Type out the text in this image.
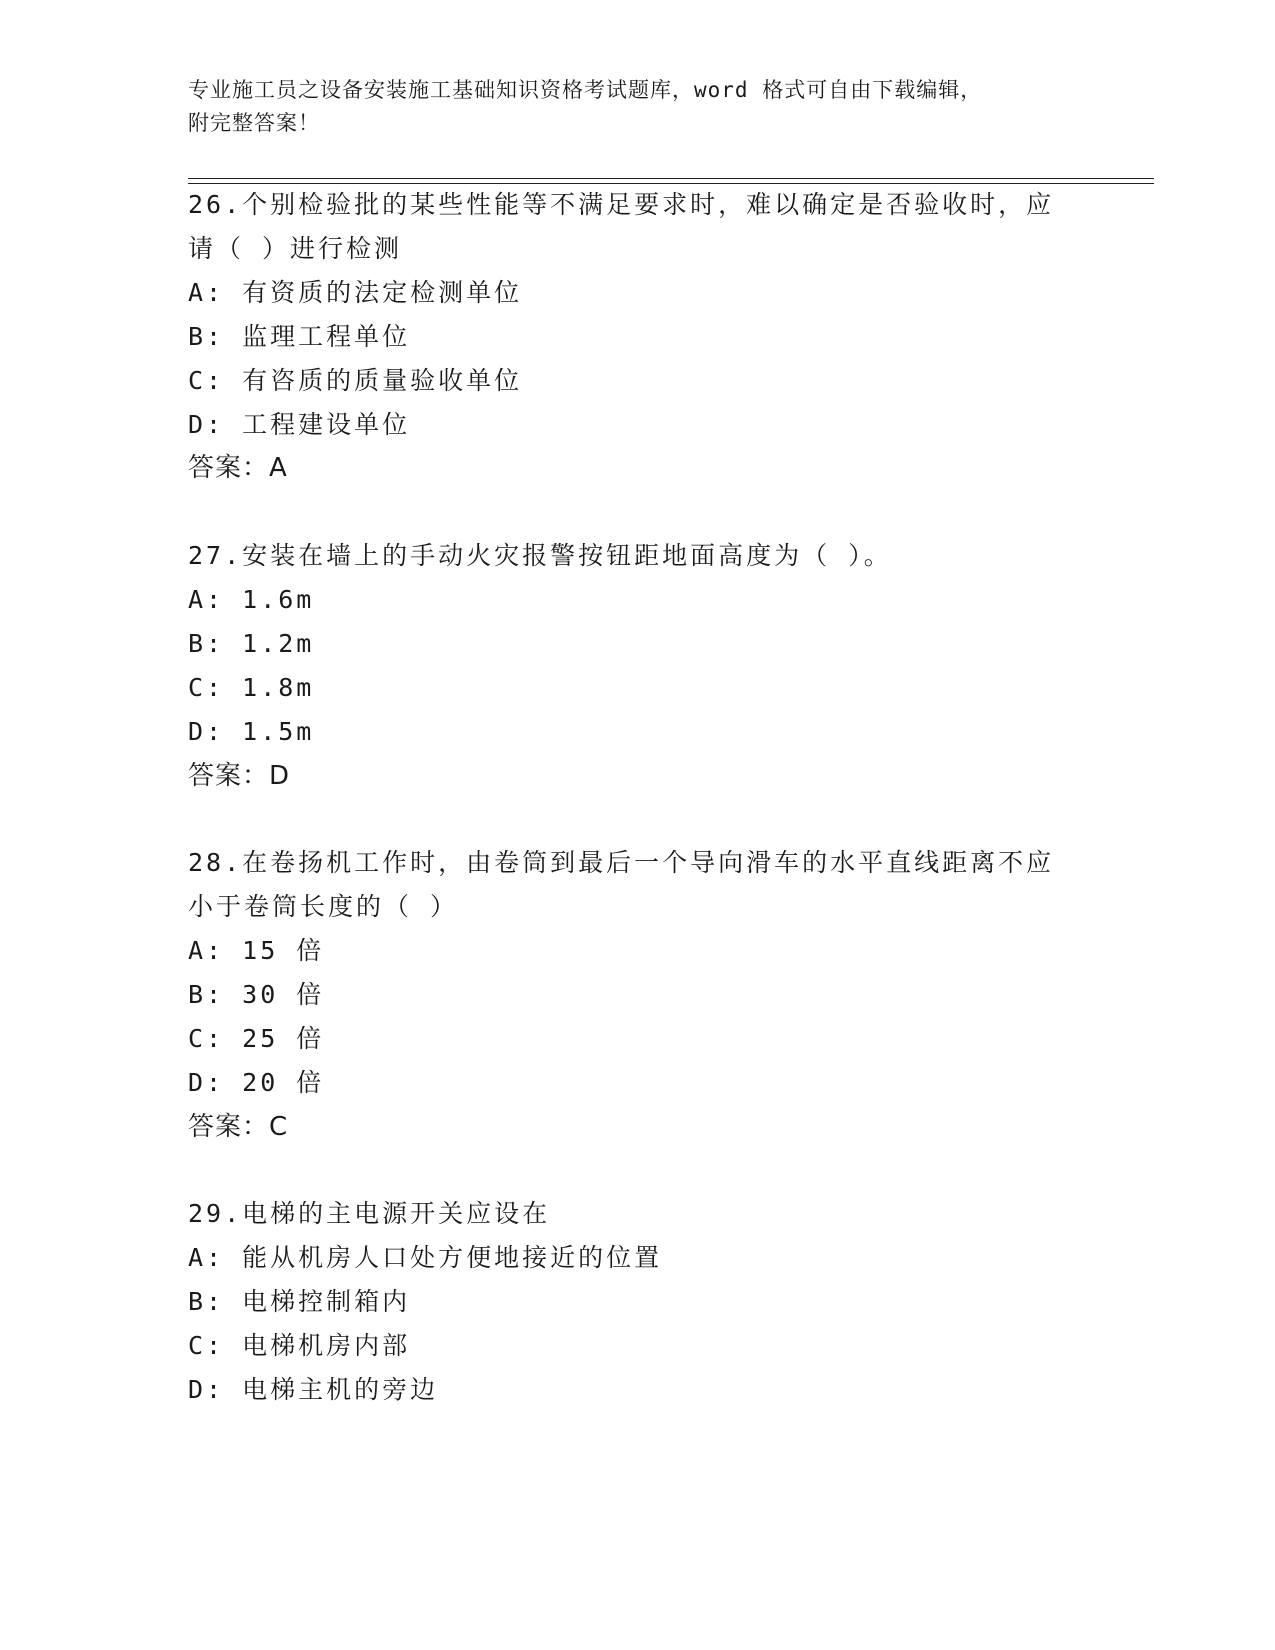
专业施工员之设备安装施工基础知识资格考试题库，word 格式可自由下载编辑，
附完整答案！
26.个别检验批的某些性能等不满足要求时，难以确定是否验收时，应
请（ ）进行检测
A: 有资质的法定检测单位
B: 监理工程单位
C: 有咨质的质量验收单位
D: 工程建设单位
答案：A
27.安装在墙上的手动火灾报警按钮距地面高度为（ ）。
A: 1.6m
B: 1.2m
C: 1.8m
D: 1.5m
答案：D
28.在卷扬机工作时，由卷筒到最后一个导向滑车的水平直线距离不应
小于卷筒长度的（ ）
A: 15 倍
B: 30 倍
C: 25 倍
D: 20 倍
答案：C
29.电梯的主电源开关应设在
A: 能从机房人口处方便地接近的位置
B: 电梯控制箱内
C: 电梯机房内部
D: 电梯主机的旁边
